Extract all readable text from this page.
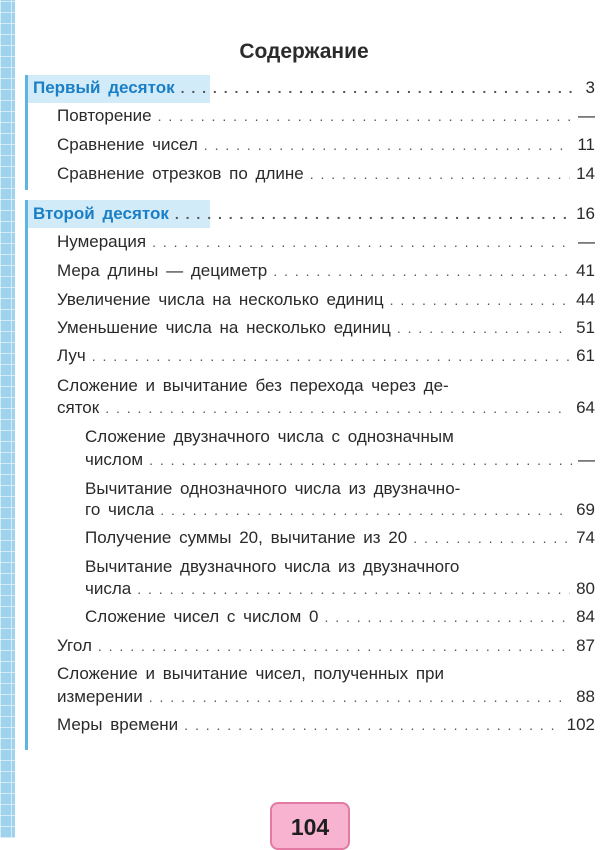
Содержание
Первый десяток . . .	3
Повторение . . .	—
Сравнение чисел . . .	11
Сравнение отрезков по длине . . .	14
Второй десяток . . .	16
Нумерация . . .	—
Мера длины — дециметр . . .	41
Увеличение числа на несколько единиц . . .	44
Уменьшение числа на несколько единиц . . .	51
Луч . . .	61
Сложение и вычитание без перехода через де-
сяток . . .	64
Сложение двузначного числа с однозначным
числом . . .	—
Вычитание однозначного числа из двузначно-
го числа . . .	69
Получение суммы 20, вычитание из 20 . . .	74
Вычитание двузначного числа из двузначного
числа . . .	80
Сложение чисел с числом 0 . . .	84
Угол . . .	87
Сложение и вычитание чисел, полученных при
измерении . . .	88
Меры времени . . .	102
104
